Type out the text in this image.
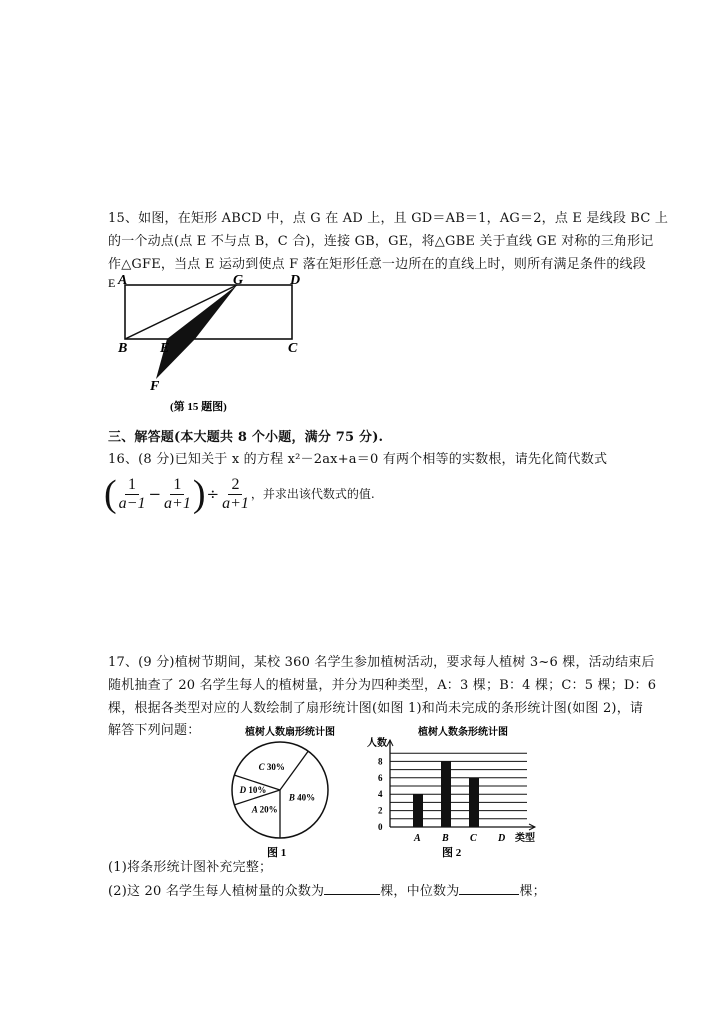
15、如图，在矩形 ABCD 中，点 G 在 AD 上，且 GD＝AB＝1，AG＝2，点 E 是线段 BC 上
的一个动点(点 E 不与点 B，C 合)，连接 GB，GE，将△GBE 关于直线 GE 对称的三角形记
作△GFE，当点 E 运动到使点 F 落在矩形任意一边所在的直线上时，则所有满足条件的线段
E A	G	D
B E	C
F
(第 15 题图)
三、解答题(本大题共 8 个小题，满分 75 分).
16、(8 分)已知关于 x 的方程 x²－2ax+a＝0 有两个相等的实数根，请先化简代数式
( $\frac{1}{a-1} - \frac{1}{a+1}$ ) ÷ $\frac{2}{a+1}$ ，并求出该代数式的值.
17、(9 分)植树节期间，某校 360 名学生参加植树活动，要求每人植树 3~6 棵，活动结束后
随机抽查了 20 名学生每人的植树量，并分为四种类型，A：3 棵；B：4 棵；C：5 棵；D：6
棵，根据各类型对应的人数绘制了扇形统计图(如图 1)和尚未完成的条形统计图(如图 2)，请
解答下列问题：	植树人数扇形统计图
B 40%
C 30%
D 10%
A 20%
图 1
植树人数条形统计图
人数
类型
图 2
0
2
4
6
8
A B C D
(1)将条形统计图补充完整；
(2)这 20 名学生每人植树量的众数为	棵，中位数为	棵；
